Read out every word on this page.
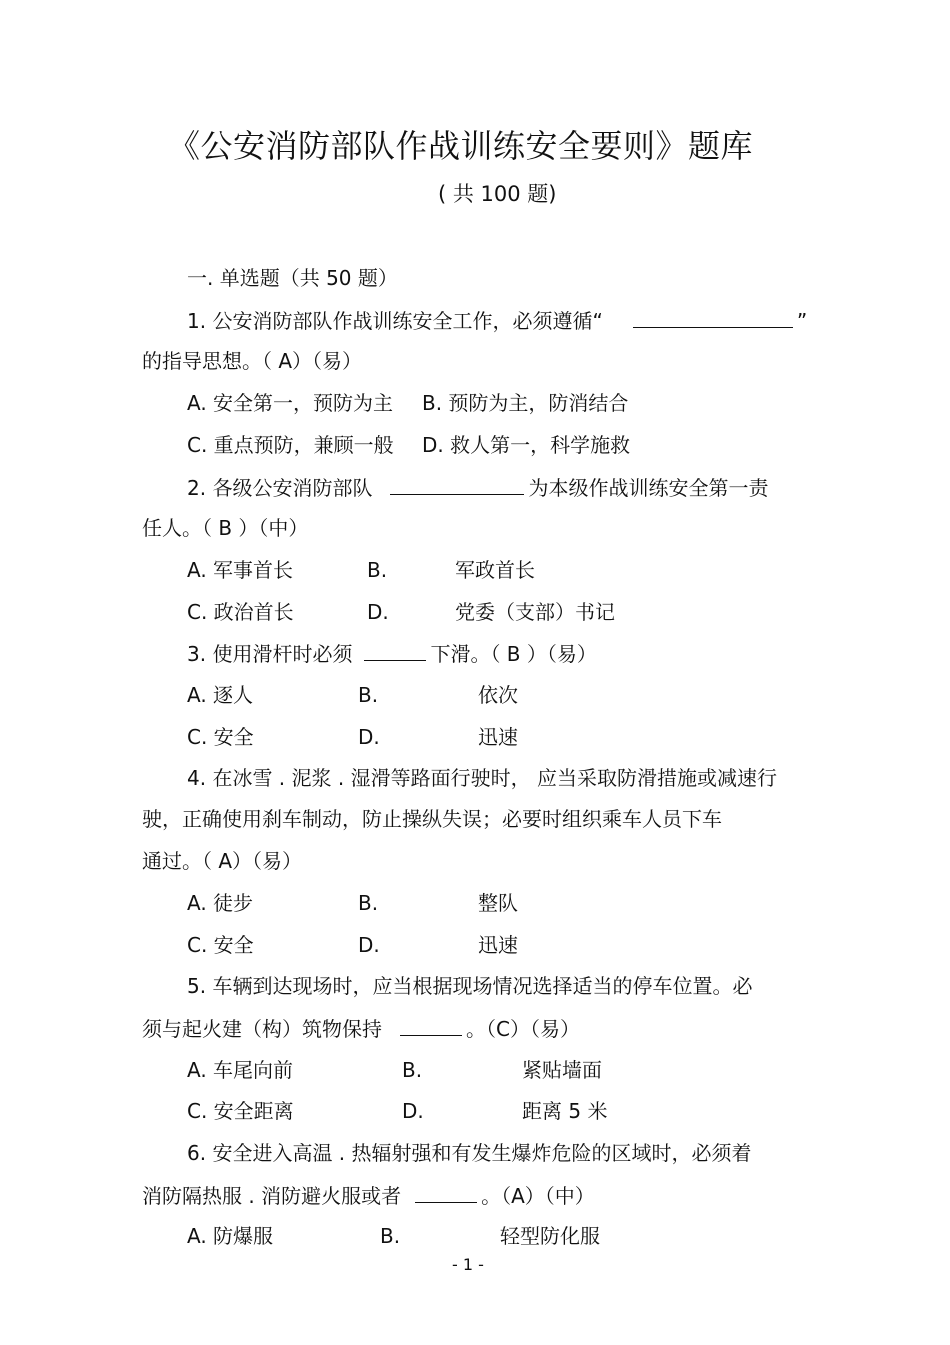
《公安消防部队作战训练安全要则》题库
( 共 100 题)
一. 单选题（共 50 题）
1. 公安消防部队作战训练安全工作，必须遵循“	”
的指导思想。（ A）（易）
A. 安全第一，预防为主 B. 预防为主，防消结合
C. 重点预防，兼顾一般 D. 救人第一，科学施救
2. 各级公安消防部队	为本级作战训练安全第一责
任人。（ B ）（中）
A. 军事首长	B.	军政首长
C. 政治首长	D.	党委（支部）书记
3. 使用滑杆时必须	下滑。（ B ）（易）
A. 逐人	B.	依次
C. 安全	D.	迅速
4. 在冰雪 . 泥浆 . 湿滑等路面行驶时， 应当采取防滑措施或减速行
驶，正确使用刹车制动，防止操纵失误；必要时组织乘车人员下车
通过。（ A）（易）
A. 徒步	B.	整队
C. 安全	D.	迅速
5. 车辆到达现场时，应当根据现场情况选择适当的停车位置。必
须与起火建（构）筑物保持	。（C）（易）
A. 车尾向前	B.	紧贴墙面
C. 安全距离	D.	距离 5 米
6. 安全进入高温 . 热辐射强和有发生爆炸危险的区域时，必须着
消防隔热服 . 消防避火服或者	。（A）（中）
A. 防爆服	B.	轻型防化服
- 1 -
